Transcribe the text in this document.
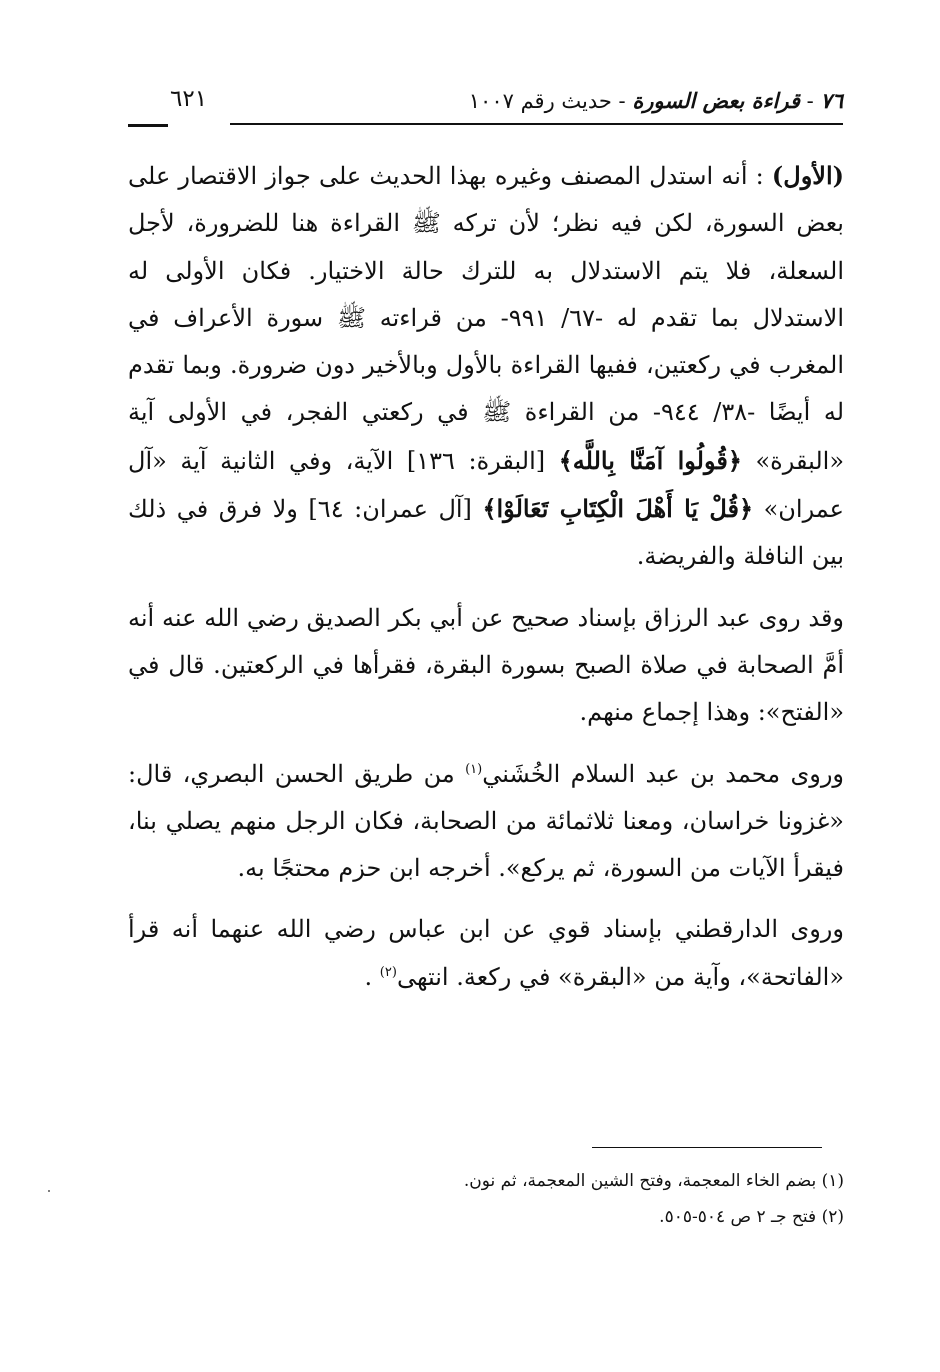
٧٦ - قراءة بعض السورة - حديث رقم ١٠٠٧
٦٢١

(الأول) : أنه استدل المصنف وغيره بهذا الحديث على جواز الاقتصار على بعض السورة، لكن فيه نظر؛ لأن تركه ﷺ القراءة هنا للضرورة، لأجل السعلة، فلا يتم الاستدلال به للترك حالة الاختيار. فكان الأولى له الاستدلال بما تقدم له -٦٧/ ٩٩١- من قراءته ﷺ سورة الأعراف في المغرب في ركعتين، ففيها القراءة بالأول وبالأخير دون ضرورة. وبما تقدم له أيضًا -٣٨/ ٩٤٤- من القراءة ﷺ في ركعتي الفجر، في الأولى آية «البقرة» ﴿قُولُوا آمَنَّا بِاللَّه﴾ [البقرة: ١٣٦] الآية، وفي الثانية آية «آل عمران» ﴿قُلْ يَا أَهْلَ الْكِتَابِ تَعَالَوْا﴾ [آل عمران: ٦٤] ولا فرق في ذلك بين النافلة والفريضة.

وقد روى عبد الرزاق بإسناد صحيح عن أبي بكر الصديق رضي الله عنه أنه أمَّ الصحابة في صلاة الصبح بسورة البقرة، فقرأها في الركعتين. قال في «الفتح»: وهذا إجماع منهم.

وروى محمد بن عبد السلام الخُشَني$^{(١)}$ من طريق الحسن البصري، قال: «غزونا خراسان، ومعنا ثلاثمائة من الصحابة، فكان الرجل منهم يصلي بنا، فيقرأ الآيات من السورة، ثم يركع». أخرجه ابن حزم محتجًا به.

وروى الدارقطني بإسناد قوي عن ابن عباس رضي الله عنهما أنه قرأ «الفاتحة»، وآية من «البقرة» في ركعة. انتهى$^{(٢)}$ .

(١) بضم الخاء المعجمة، وفتح الشين المعجمة، ثم نون.

(٢) فتح جـ ٢ ص ٥٠٤-٥٠٥.
